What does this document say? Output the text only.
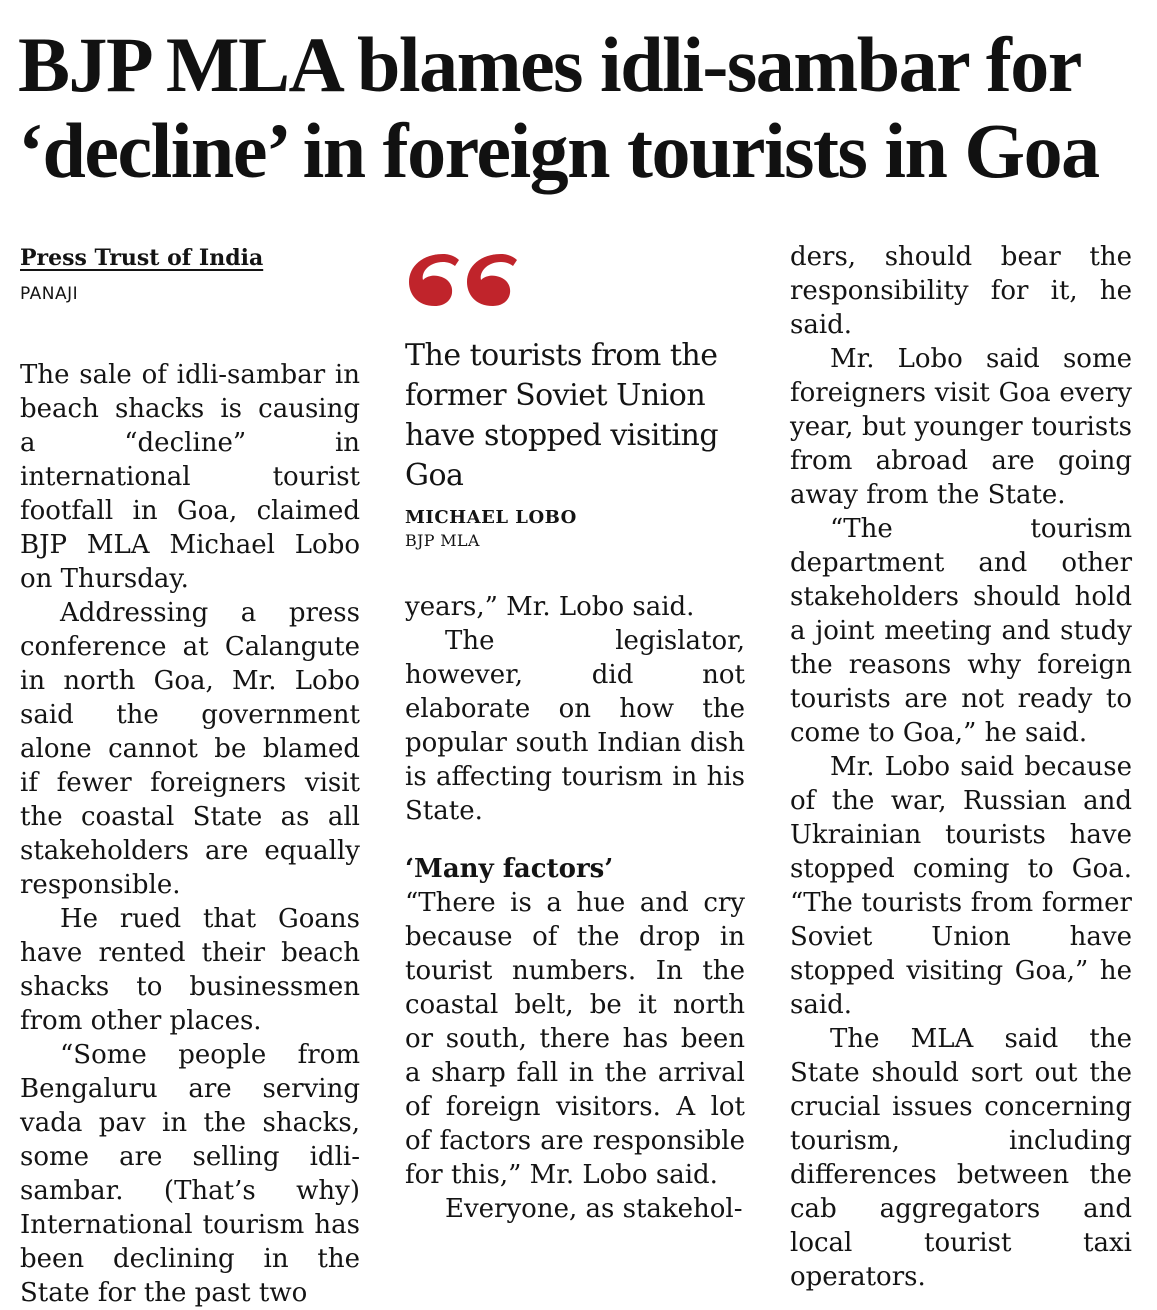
BJP MLA blames idli-sambar for
‘decline’ in foreign tourists in Goa
Press Trust of India
PANAJI

The sale of idli-sambar in beach shacks is causing a “decline” in international tourist footfall in Goa, claimed BJP MLA Michael Lobo on Thursday.

Addressing a press conference at Calangute in north Goa, Mr. Lobo said the government alone cannot be blamed if fewer foreigners visit the coastal State as all stakeholders are equally responsible.

He rued that Goans have rented their beach shacks to businessmen from other places.

“Some people from Bengaluru are serving vada pav in the shacks, some are selling idli-sambar. (That’s why) International tourism has been declining in the State for the past two

The tourists from the former Soviet Union have stopped visiting Goa
MICHAEL LOBO
BJP MLA

years,” Mr. Lobo said.

The legislator, however, did not elaborate on how the popular south Indian dish is affecting tourism in his State.

‘Many factors’

“There is a hue and cry because of the drop in tourist numbers. In the coastal belt, be it north or south, there has been a sharp fall in the arrival of foreign visitors. A lot of factors are responsible for this,” Mr. Lobo said.

Everyone, as stakehol-

ders, should bear the responsibility for it, he said.

Mr. Lobo said some foreigners visit Goa every year, but younger tourists from abroad are going away from the State.

“The tourism department and other stakeholders should hold a joint meeting and study the reasons why foreign tourists are not ready to come to Goa,” he said.

Mr. Lobo said because of the war, Russian and Ukrainian tourists have stopped coming to Goa. “The tourists from former Soviet Union have stopped visiting Goa,” he said.

The MLA said the State should sort out the crucial issues concerning tourism, including differences between the cab aggregators and local tourist taxi operators.
